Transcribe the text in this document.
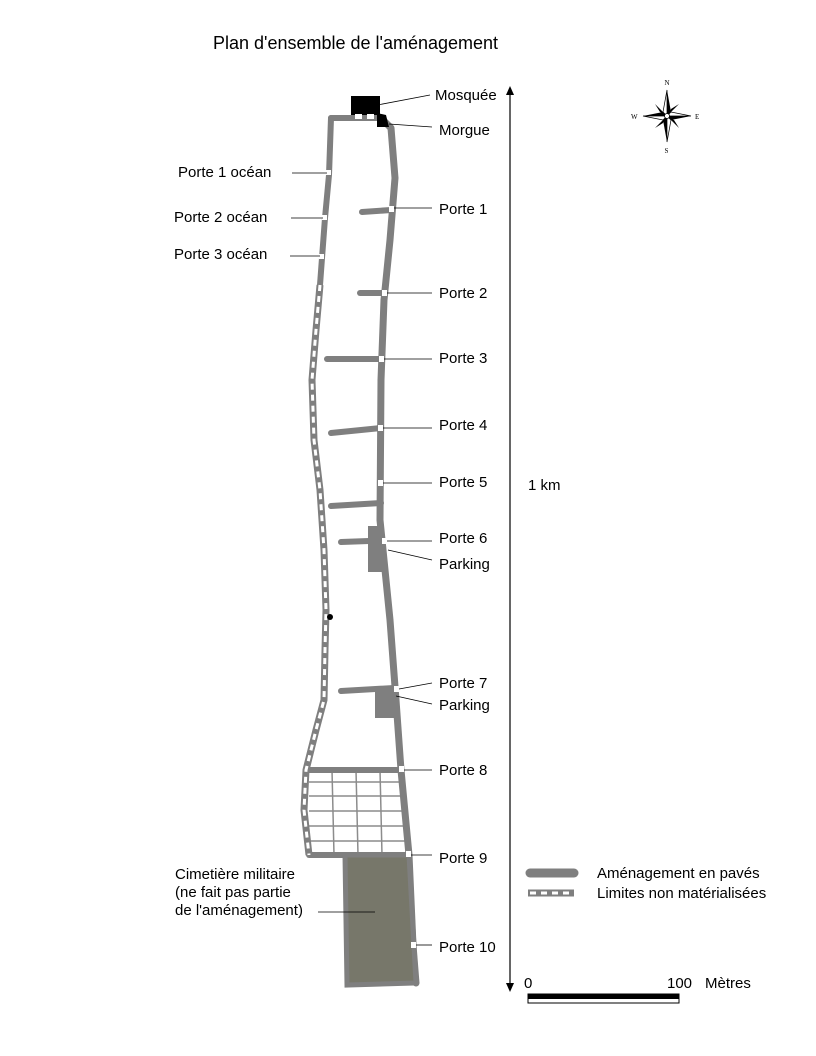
Plan d'ensemble de l'aménagement
N
S
E
W
1 km
Mosquée
Morgue
Parking
Parking
Cimetière militaire
(ne fait pas partie
de l'aménagement)
Porte 1 océan
Porte 2 océan
Porte 3 océan
Porte 1
Porte 2
Porte 3
Porte 4
Porte 5
Porte 6
Porte 7
Porte 8
Porte 9
Porte 10
Aménagement en pavés
Limites non matérialisées
0	100 Mètres
